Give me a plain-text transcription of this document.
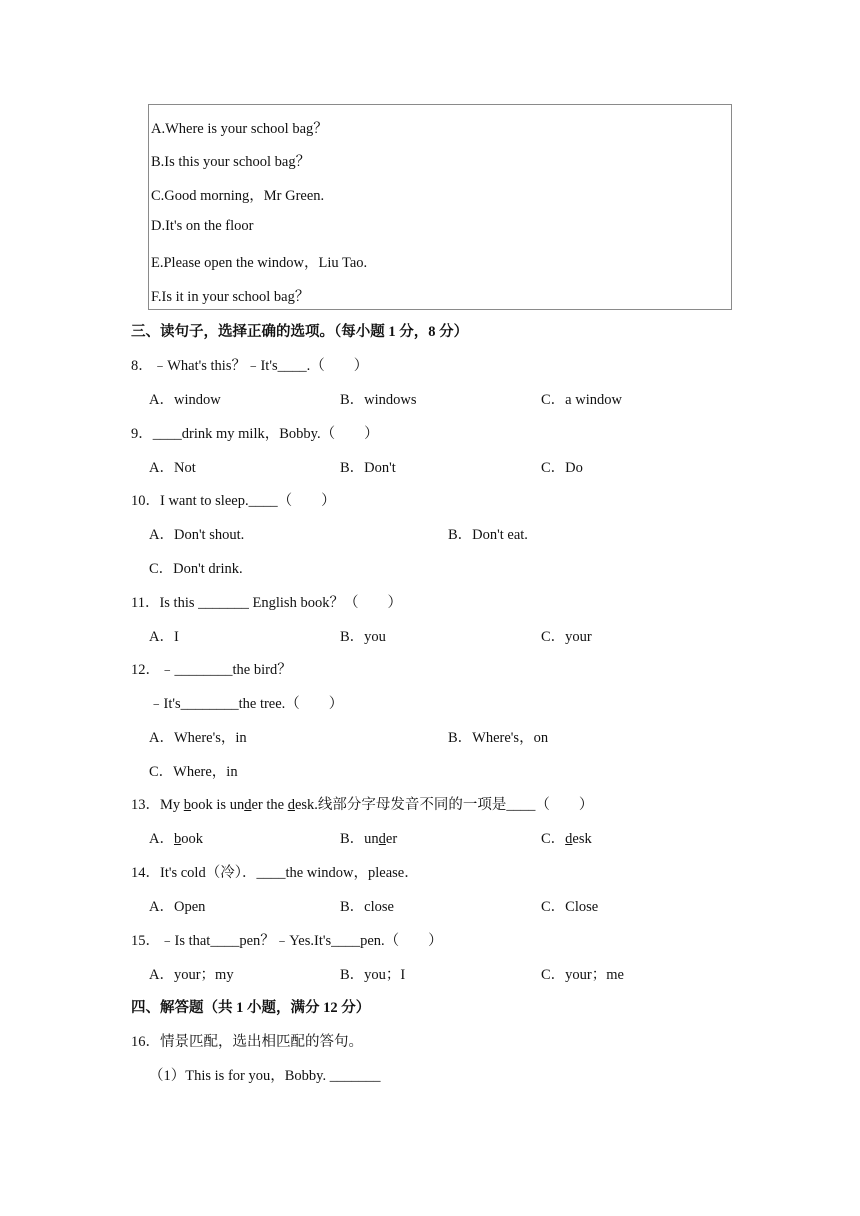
A.Where is your school bag？
B.Is this your school bag？
C.Good morning，Mr Green.
D.It's on the floor
E.Please open the window，Liu Tao.
F.Is it in your school bag？
三、读句子，选择正确的选项。（每小题 1 分，8 分）
8．﹣What's this？﹣It's____.（　　）
A．window	B．windows	C．a window
9．____drink my milk，Bobby.（　　）
A．Not	B．Don't	C．Do
10．I want to sleep.____（　　）
A．Don't shout.	B．Don't eat.
C．Don't drink.
11．Is this _______ English book？（　　）
A．I	B．you	C．your
12．﹣________the bird？
﹣It's________the tree.（　　）
A．Where's，in	B．Where's，on
C．Where，in
13．My book is under the desk.线部分字母发音不同的一项是____（　　）
A．book	B．under	C．desk
14．It's cold（冷）．____the window，please．
A．Open	B．close	C．Close
15．﹣Is that____pen？﹣Yes.It's____pen.（　　）
A．your；my	B．you；I	C．your；me
四、解答题（共 1 小题，满分 12 分）
16．情景匹配，选出相匹配的答句。
（1）This is for you，Bobby. _______
